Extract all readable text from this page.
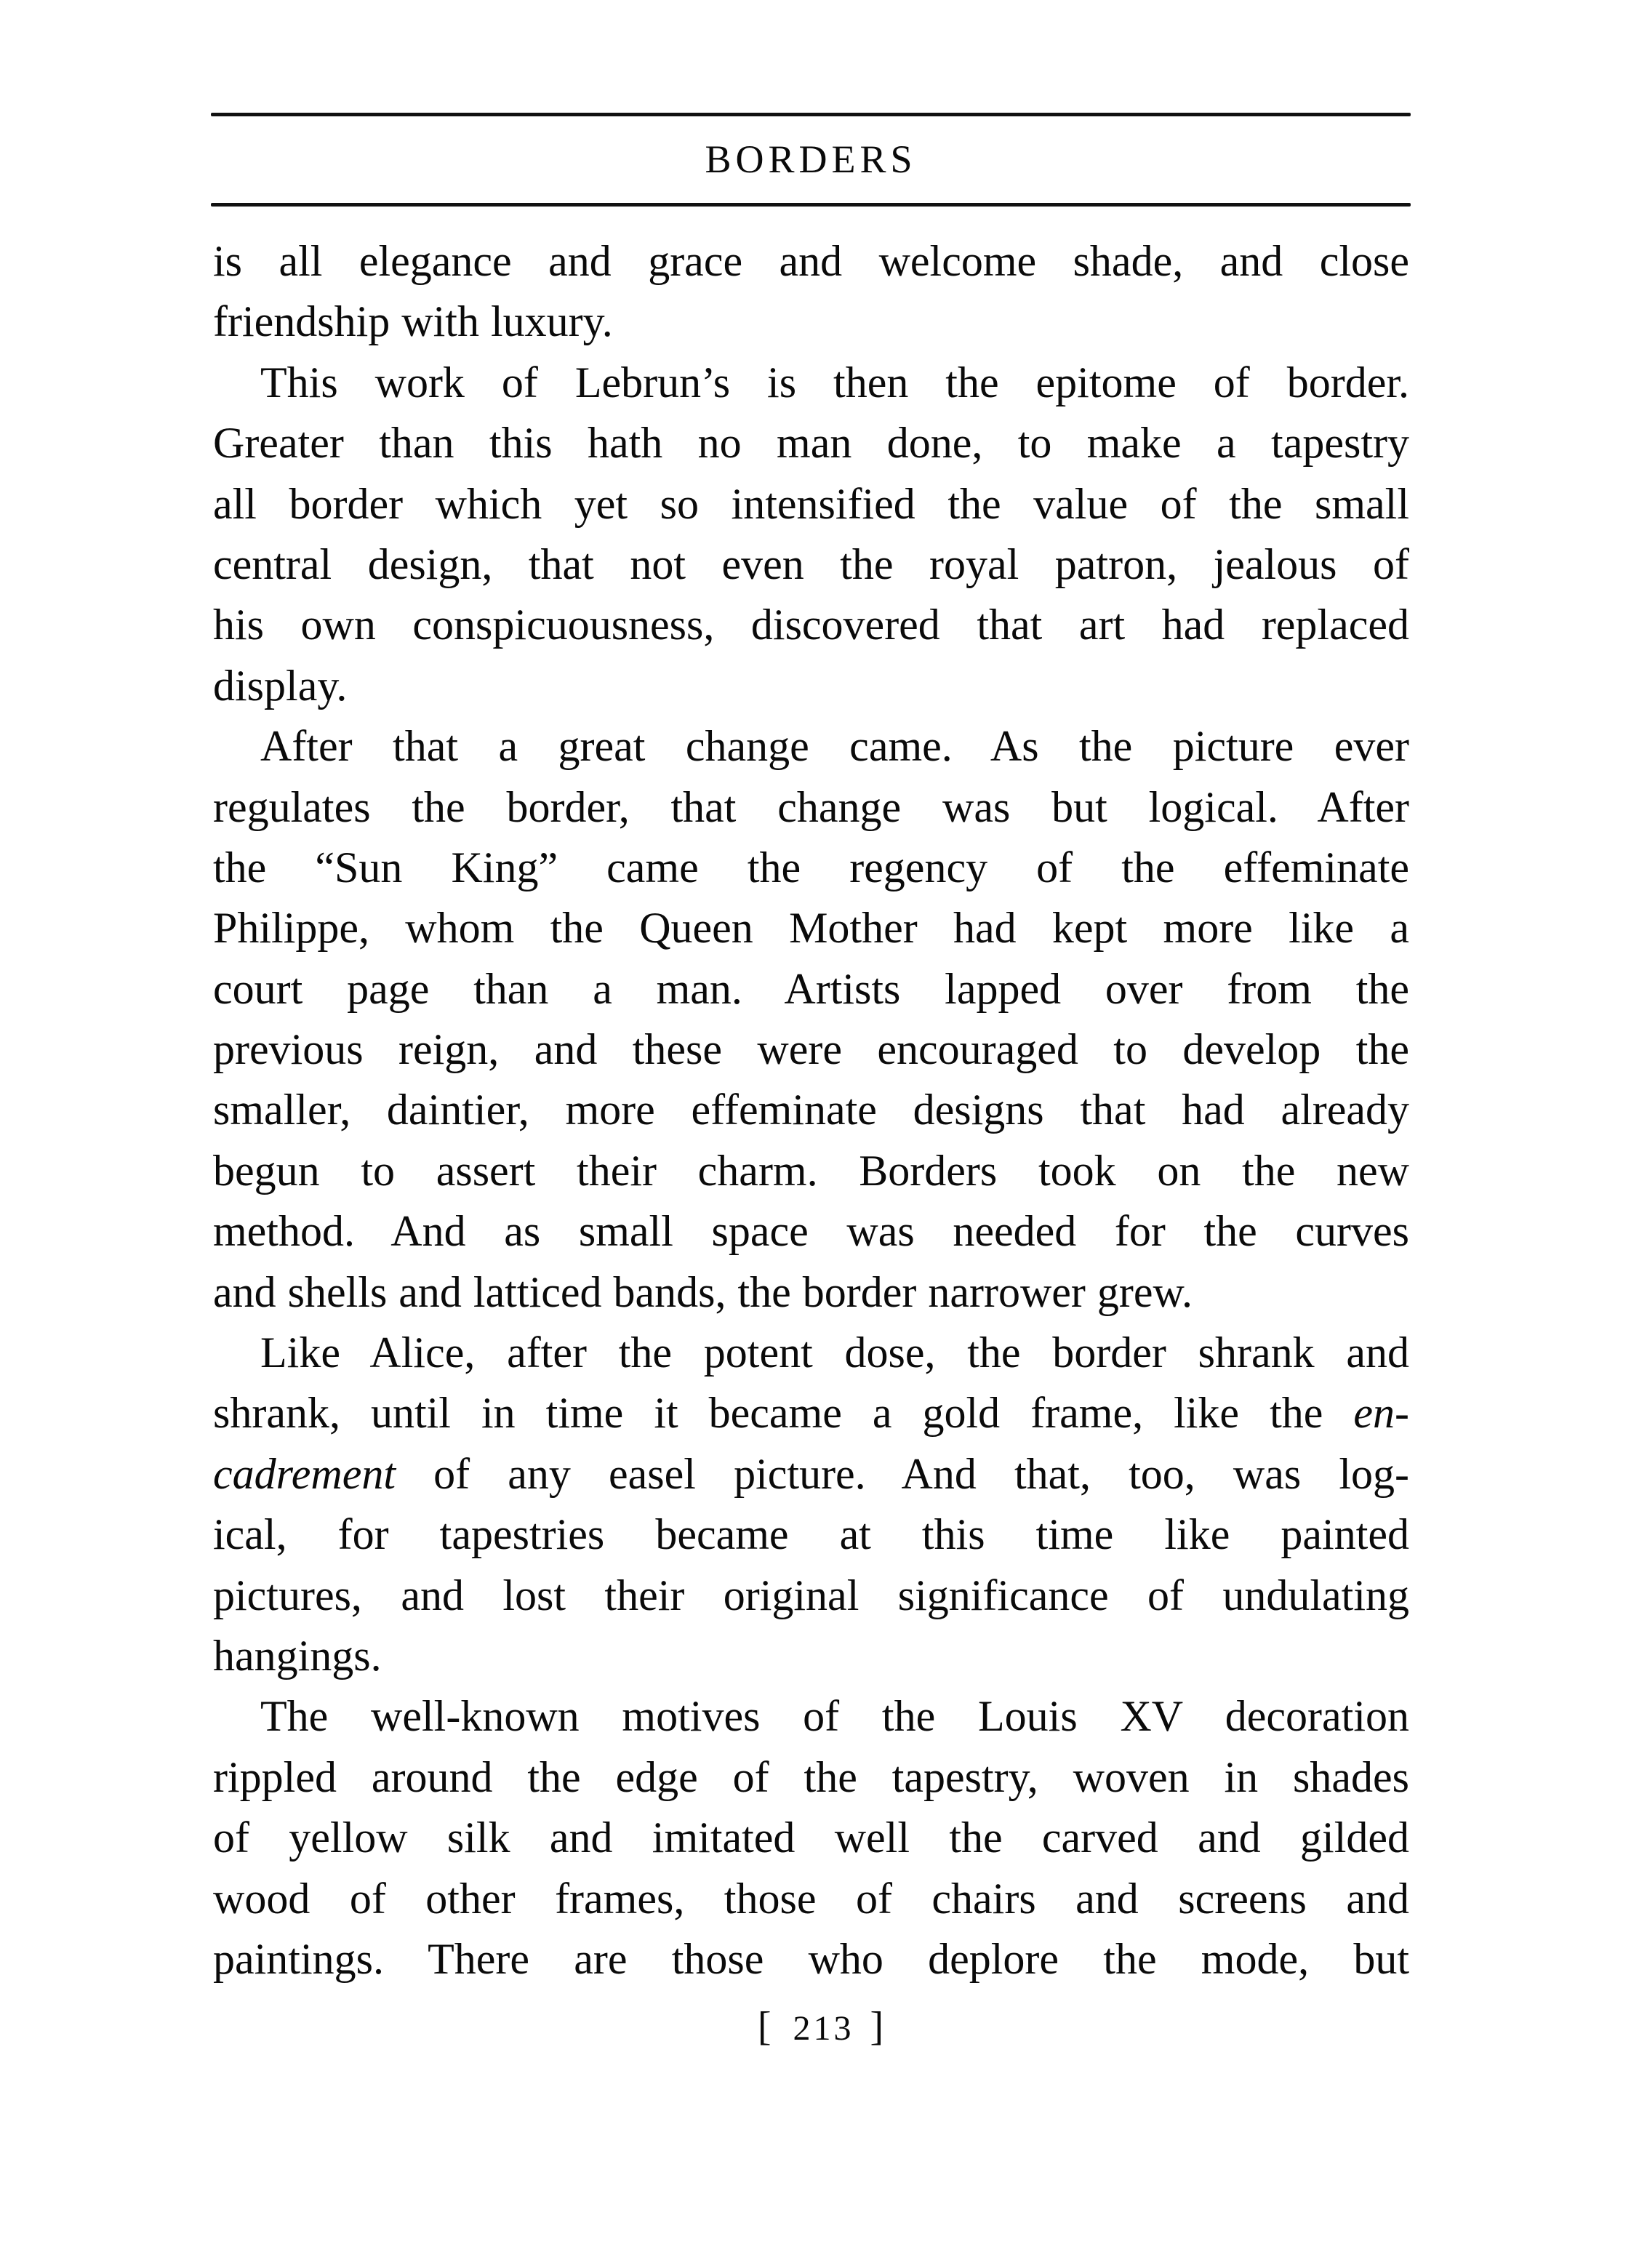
BORDERS
is all elegance and grace and welcome shade, and close
friendship with luxury.
This work of Lebrun’s is then the epitome of border.
Greater than this hath no man done, to make a tapestry
all border which yet so intensified the value of the small
central design, that not even the royal patron, jealous of
his own conspicuousness, discovered that art had replaced
display.
After that a great change came. As the picture ever
regulates the border, that change was but logical. After
the “Sun King” came the regency of the effeminate
Philippe, whom the Queen Mother had kept more like a
court page than a man. Artists lapped over from the
previous reign, and these were encouraged to develop the
smaller, daintier, more effeminate designs that had already
begun to assert their charm. Borders took on the new
method. And as small space was needed for the curves
and shells and latticed bands, the border narrower grew.
Like Alice, after the potent dose, the border shrank and
shrank, until in time it became a gold frame, like the en-
cadrement of any easel picture. And that, too, was log-
ical, for tapestries became at this time like painted
pictures, and lost their original significance of undulating
hangings.
The well-known motives of the Louis XV decoration
rippled around the edge of the tapestry, woven in shades
of yellow silk and imitated well the carved and gilded
wood of other frames, those of chairs and screens and
paintings. There are those who deplore the mode, but
[ 213 ]
